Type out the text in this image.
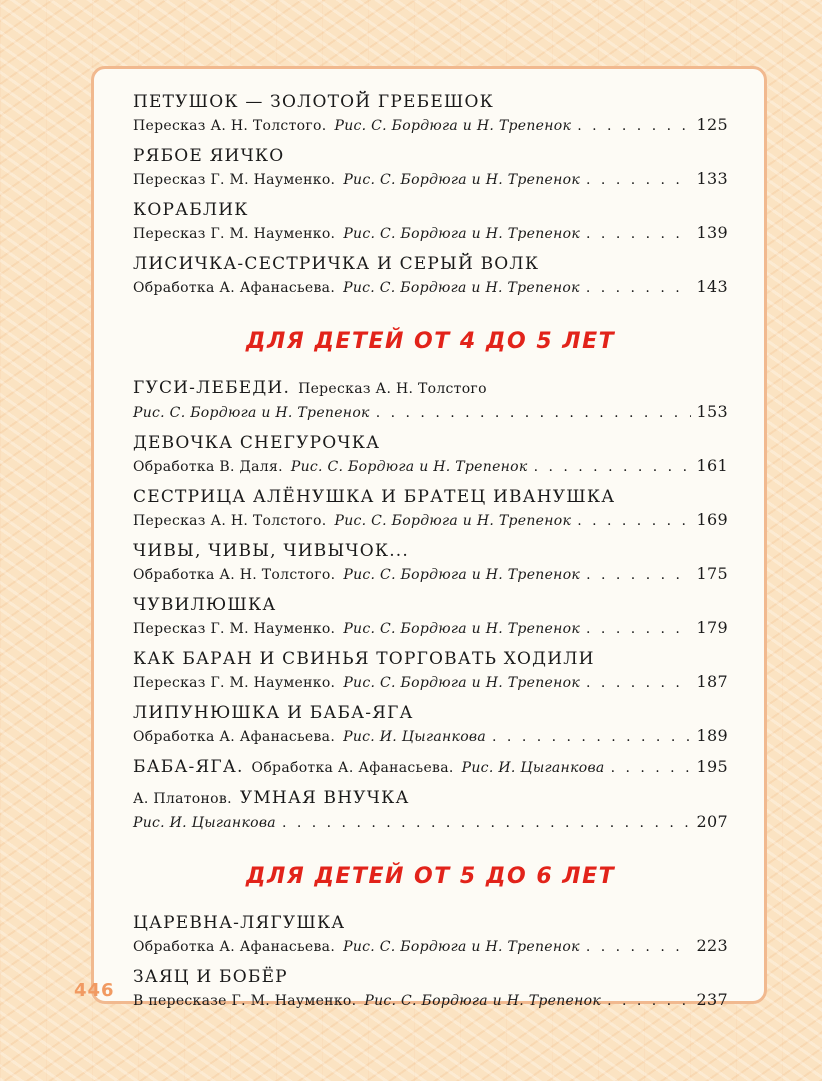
ПЕТУШОК — ЗОЛОТОЙ ГРЕБЕШОК
Пересказ А. Н. Толстого. Рис. С. Бордюга и Н. Трепенок . . .	125
РЯБОЕ ЯИЧКО
Пересказ Г. М. Науменко. Рис. С. Бордюга и Н. Трепенок . . .	133
КОРАБЛИК
Пересказ Г. М. Науменко. Рис. С. Бордюга и Н. Трепенок . . .	139
ЛИСИЧКА-СЕСТРИЧКА И СЕРЫЙ ВОЛК
Обработка А. Афанасьева. Рис. С. Бордюга и Н. Трепенок . . .	143
ДЛЯ ДЕТЕЙ ОТ 4 ДО 5 ЛЕТ
ГУСИ-ЛЕБЕДИ. Пересказ А. Н. Толстого
Рис. С. Бордюга и Н. Трепенок . . .	153
ДЕВОЧКА СНЕГУРОЧКА
Обработка В. Даля. Рис. С. Бордюга и Н. Трепенок . . .	161
СЕСТРИЦА АЛЁНУШКА И БРАТЕЦ ИВАНУШКА
Пересказ А. Н. Толстого. Рис. С. Бордюга и Н. Трепенок . . .	169
ЧИВЫ, ЧИВЫ, ЧИВЫЧОК...
Обработка А. Н. Толстого. Рис. С. Бордюга и Н. Трепенок . . .	175
ЧУВИЛЮШКА
Пересказ Г. М. Науменко. Рис. С. Бордюга и Н. Трепенок . . .	179
КАК БАРАН И СВИНЬЯ ТОРГОВАТЬ ХОДИЛИ
Пересказ Г. М. Науменко. Рис. С. Бордюга и Н. Трепенок . . .	187
ЛИПУНЮШКА И БАБА-ЯГА
Обработка А. Афанасьева. Рис. И. Цыганкова . . .	189
БАБА-ЯГА. Обработка А. Афанасьева. Рис. И. Цыганкова . . .	195
А. Платонов. УМНАЯ ВНУЧКА
Рис. И. Цыганкова . . .	207
ДЛЯ ДЕТЕЙ ОТ 5 ДО 6 ЛЕТ
ЦАРЕВНА-ЛЯГУШКА
Обработка А. Афанасьева. Рис. С. Бордюга и Н. Трепенок . . .	223
ЗАЯЦ И БОБЁР
В пересказе Г. М. Науменко. Рис. С. Бордюга и Н. Трепенок . . .	237
446
